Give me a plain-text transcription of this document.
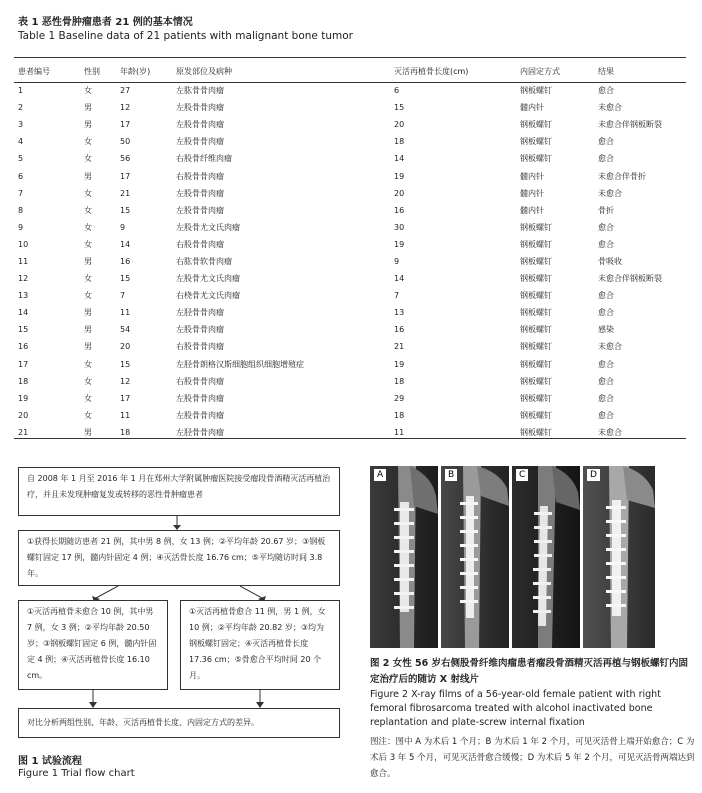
表 1 恶性骨肿瘤患者 21 例的基本情况
Table 1 Baseline data of 21 patients with malignant bone tumor
患者编号	性别	年龄(岁)	原发部位及病种	灭活再植骨长度(cm)	内固定方式	结果
1	女	27	左肱骨骨肉瘤	6	钢板螺钉	愈合
2	男	12	左股骨骨肉瘤	15	髓内针	未愈合
3	男	17	左股骨骨肉瘤	20	钢板螺钉	未愈合伴钢板断裂
4	女	50	左股骨骨肉瘤	18	钢板螺钉	愈合
5	女	56	右股骨纤维肉瘤	14	钢板螺钉	愈合
6	男	17	右股骨骨肉瘤	19	髓内针	未愈合伴骨折
7	女	21	左股骨骨肉瘤	20	髓内针	未愈合
8	女	15	左股骨骨肉瘤	16	髓内针	骨折
9	女	9	左股骨尤文氏肉瘤	30	钢板螺钉	愈合
10	女	14	右股骨骨肉瘤	19	钢板螺钉	愈合
11	男	16	右肱骨软骨肉瘤	9	钢板螺钉	骨吸收
12	女	15	左股骨尤文氏肉瘤	14	钢板螺钉	未愈合伴钢板断裂
13	女	7	右桡骨尤文氏肉瘤	7	钢板螺钉	愈合
14	男	11	左胫骨骨肉瘤	13	钢板螺钉	愈合
15	男	54	左股骨骨肉瘤	16	钢板螺钉	感染
16	男	20	右股骨骨肉瘤	21	钢板螺钉	未愈合
17	女	15	左胫骨朗格汉斯细胞组织细胞增殖症	19	钢板螺钉	愈合
18	女	12	右股骨骨肉瘤	18	钢板螺钉	愈合
19	女	17	左股骨骨肉瘤	29	钢板螺钉	愈合
20	女	11	左股骨骨肉瘤	18	钢板螺钉	愈合
21	男	18	左胫骨骨肉瘤	11	钢板螺钉	未愈合
自 2008 年 1 月至 2016 年 1 月在郑州大学附属肿瘤医院接受瘤段骨酒精灭活再植治疗，并且未发现肿瘤复发或转移的恶性骨肿瘤患者
①获得长期随访患者 21 例，其中男 8 例，女 13 例；②平均年龄 20.67 岁；③钢板螺钉固定 17 例，髓内针固定 4 例；④灭活骨长度 16.76 cm；⑤平均随访时间 3.8 年。
①灭活再植骨未愈合 10 例，其中男 7 例，女 3 例；②平均年龄 20.50 岁；③钢板螺钉固定 6 例，髓内针固定 4 例；④灭活再植骨长度 16.10 cm。
①灭活再植骨愈合 11 例，男 1 例，女 10 例；②平均年龄 20.82 岁；③均为钢板螺钉固定；④灭活再植骨长度 17.36 cm；⑤骨愈合平均时间 20 个月。
对比分析两组性别、年龄、灭活再植骨长度、内固定方式的差异。
图 1 试验流程
Figure 1 Trial flow chart
A	B	C	D
图 2 女性 56 岁右侧股骨纤维肉瘤患者瘤段骨酒精灭活再植与钢板螺钉内固定治疗后的随访 X 射线片
Figure 2 X-ray films of a 56-year-old female patient with right femoral fibrosarcoma treated with alcohol inactivated bone replantation and plate-screw internal fixation
图注：图中 A 为术后 1 个月；B 为术后 1 年 2 个月，可见灭活骨上端开始愈合；C 为术后 3 年 5 个月，可见灭活骨愈合缓慢；D 为术后 5 年 2 个月，可见灭活骨两端达到愈合。
